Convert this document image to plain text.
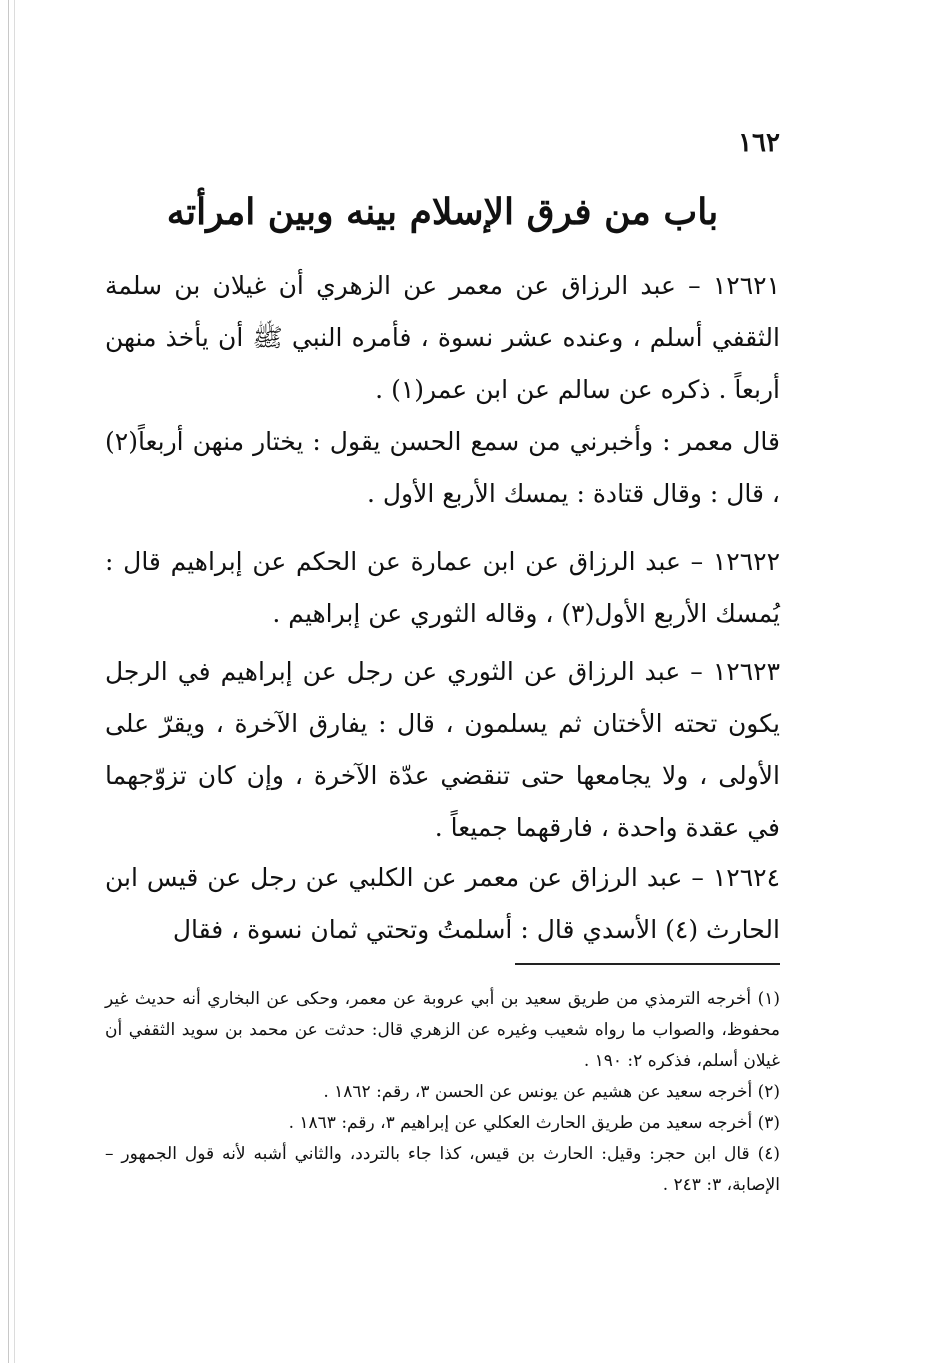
١٦٢

باب من فرق الإسلام بينه وبين امرأته

١٢٦٢١ – عبد الرزاق عن معمر عن الزهري أن غيلان بن سلمة الثقفي أسلم ، وعنده عشر نسوة ، فأمره النبي ﷺ أن يأخذ منهن أربعاً . ذكره عن سالم عن ابن عمر(١) .

قال معمر : وأخبرني من سمع الحسن يقول : يختار منهن أربعاً(٢) ، قال : وقال قتادة : يمسك الأربع الأول .

١٢٦٢٢ – عبد الرزاق عن ابن عمارة عن الحكم عن إبراهيم قال : يُمسك الأربع الأول(٣) ، وقاله الثوري عن إبراهيم .

١٢٦٢٣ – عبد الرزاق عن الثوري عن رجل عن إبراهيم في الرجل يكون تحته الأختان ثم يسلمون ، قال : يفارق الآخرة ، ويقرّ على الأولى ، ولا يجامعها حتى تنقضي عدّة الآخرة ، وإن كان تزوّجهما في عقدة واحدة ، فارقهما جميعاً .

١٢٦٢٤ – عبد الرزاق عن معمر عن الكلبي عن رجل عن قيس ابن الحارث (٤) الأسدي قال : أسلمتُ وتحتي ثمان نسوة ، فقال

(١) أخرجه الترمذي من طريق سعيد بن أبي عروبة عن معمر، وحكى عن البخاري أنه حديث غير محفوظ، والصواب ما رواه شعيب وغيره عن الزهري قال: حدثت عن محمد بن سويد الثقفي أن غيلان أسلم، فذكره ٢: ١٩٠ .

(٢) أخرجه سعيد عن هشيم عن يونس عن الحسن ٣، رقم: ١٨٦٢ .

(٣) أخرجه سعيد من طريق الحارث العكلي عن إبراهيم ٣، رقم: ١٨٦٣ .

(٤) قال ابن حجر: وقيل: الحارث بن قيس، كذا جاء بالتردد، والثاني أشبه لأنه قول الجمهور – الإصابة، ٣: ٢٤٣ .
